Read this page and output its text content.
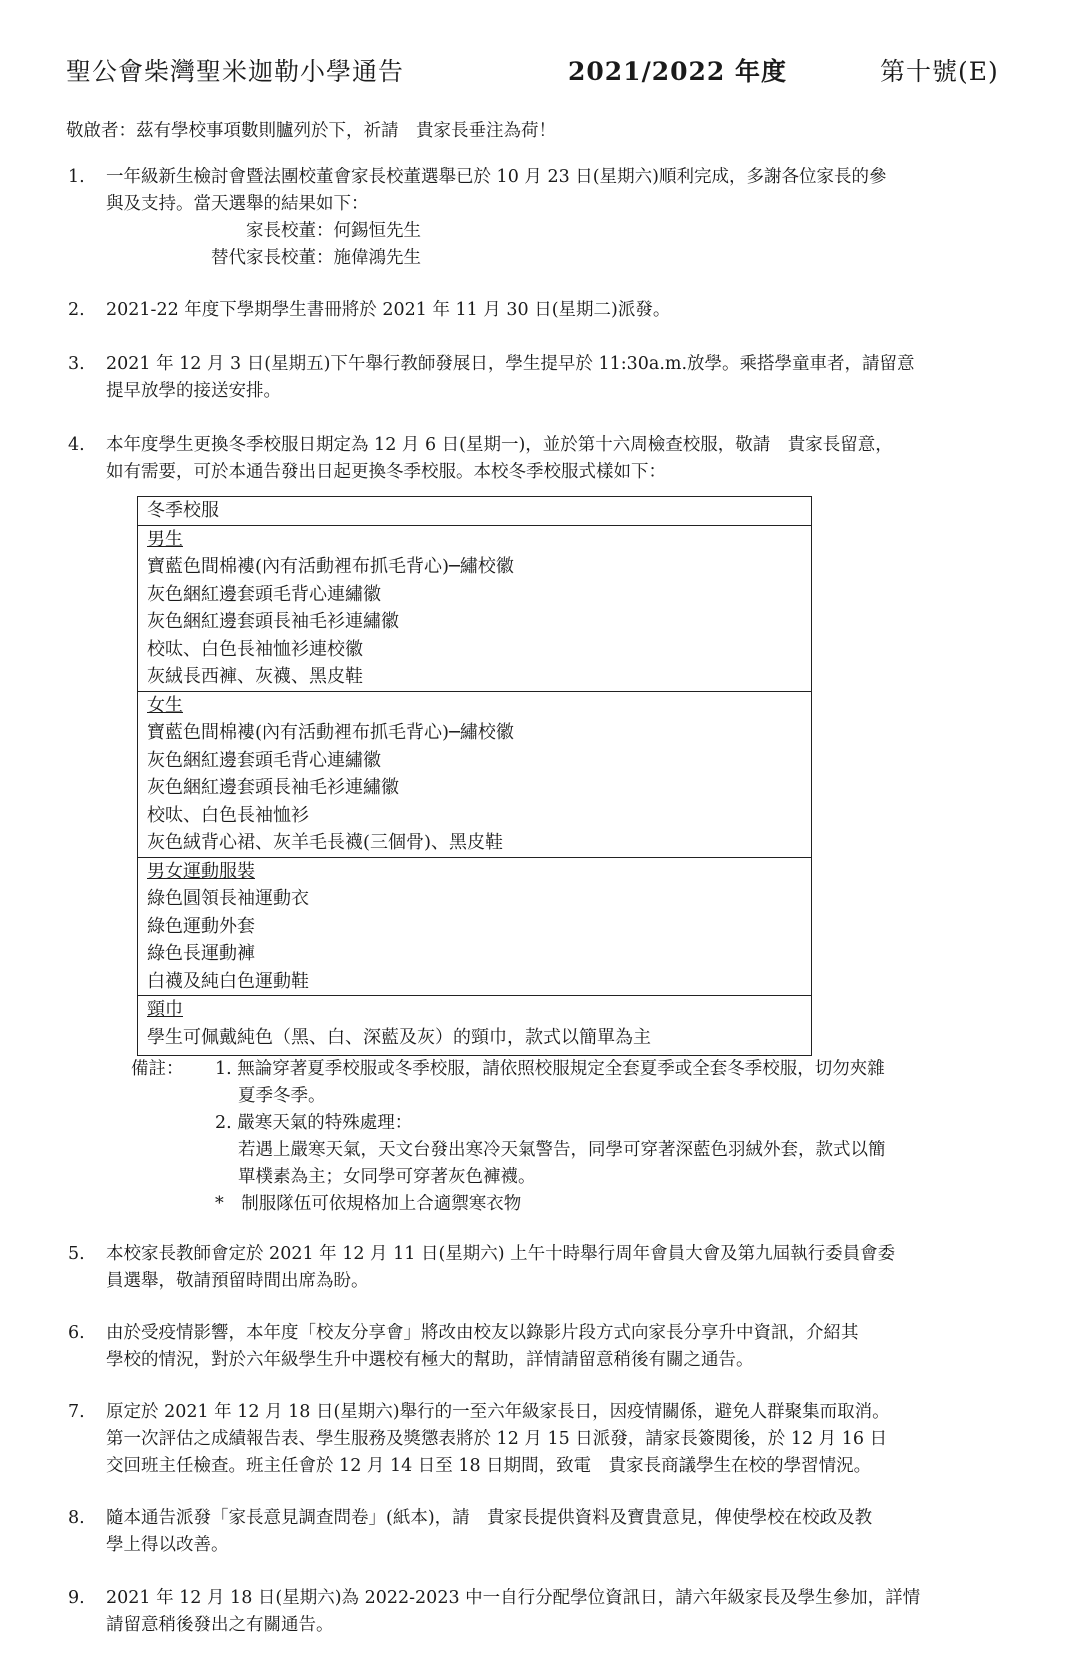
聖公會柴灣聖米迦勒小學通告	2021/2022 年度	第十號(E)
敬啟者：茲有學校事項數則臚列於下，祈請　貴家長垂注為荷！
1. 一年級新生檢討會暨法團校董會家長校董選舉已於 10 月 23 日(星期六)順利完成，多謝各位家長的參
與及支持。當天選舉的結果如下：
　　　　　　　　家長校董：何錫恒先生
　　　　　　替代家長校董：施偉鴻先生
2. 2021-22 年度下學期學生書冊將於 2021 年 11 月 30 日(星期二)派發。
3. 2021 年 12 月 3 日(星期五)下午舉行教師發展日，學生提早於 11:30a.m.放學。乘搭學童車者，請留意
提早放學的接送安排。
4. 本年度學生更換冬季校服日期定為 12 月 6 日(星期一)，並於第十六周檢查校服，敬請　貴家長留意，
如有需要，可於本通告發出日起更換冬季校服。本校冬季校服式樣如下：
冬季校服
男生
寶藍色間棉褸(內有活動裡布抓毛背心)─繡校徽
灰色綑紅邊套頭毛背心連繡徽
灰色綑紅邊套頭長袖毛衫連繡徽
校呔、白色長袖恤衫連校徽
灰絨長西褲、灰襪、黑皮鞋
女生
寶藍色間棉褸(內有活動裡布抓毛背心)─繡校徽
灰色綑紅邊套頭毛背心連繡徽
灰色綑紅邊套頭長袖毛衫連繡徽
校呔、白色長袖恤衫
灰色絨背心裙、灰羊毛長襪(三個骨)、黑皮鞋
男女運動服裝
綠色圓領長袖運動衣
綠色運動外套
綠色長運動褲
白襪及純白色運動鞋
頸巾
學生可佩戴純色（黑、白、深藍及灰）的頸巾，款式以簡單為主
備註： 1. 無論穿著夏季校服或冬季校服，請依照校服規定全套夏季或全套冬季校服，切勿夾雜
夏季冬季。
2. 嚴寒天氣的特殊處理：
若遇上嚴寒天氣，天文台發出寒冷天氣警告，同學可穿著深藍色羽絨外套，款式以簡
單樸素為主；女同學可穿著灰色褲襪。
*　制服隊伍可依規格加上合適禦寒衣物
5. 本校家長教師會定於 2021 年 12 月 11 日(星期六) 上午十時舉行周年會員大會及第九屆執行委員會委
員選舉，敬請預留時間出席為盼。
6. 由於受疫情影響，本年度「校友分享會」將改由校友以錄影片段方式向家長分享升中資訊，介紹其
學校的情況，對於六年級學生升中選校有極大的幫助，詳情請留意稍後有關之通告。
7. 原定於 2021 年 12 月 18 日(星期六)舉行的一至六年級家長日，因疫情關係，避免人群聚集而取消。
第一次評估之成績報告表、學生服務及獎懲表將於 12 月 15 日派發，請家長簽閱後，於 12 月 16 日
交回班主任檢查。班主任會於 12 月 14 日至 18 日期間，致電　貴家長商議學生在校的學習情況。
8. 隨本通告派發「家長意見調查問卷」(紙本)，請　貴家長提供資料及寶貴意見，俾使學校在校政及教
學上得以改善。
9. 2021 年 12 月 18 日(星期六)為 2022-2023 中一自行分配學位資訊日，請六年級家長及學生參加，詳情
請留意稍後發出之有關通告。
